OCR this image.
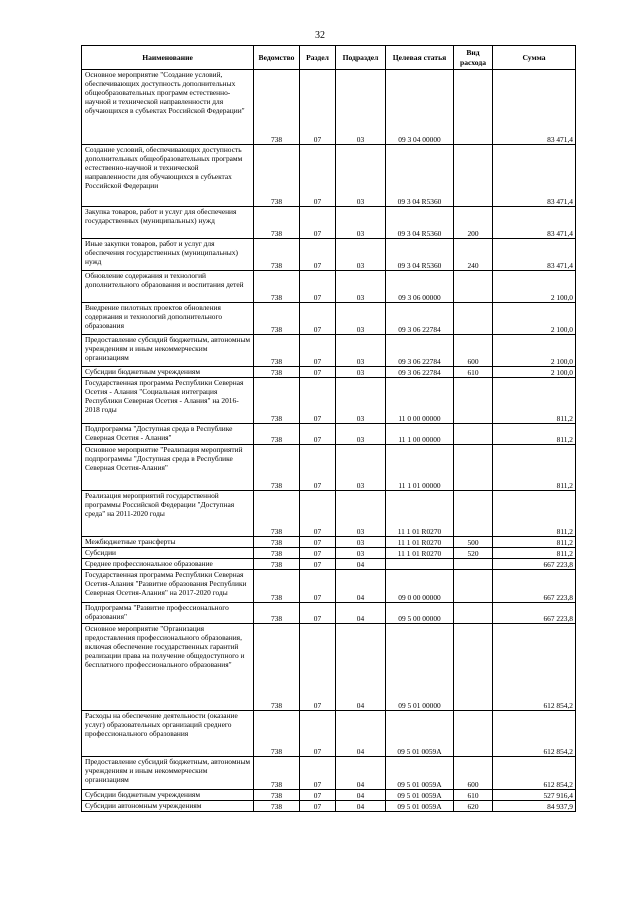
32
Наименование	Ведомство	Раздел	Подраздел	Целевая статья	Вид расхода	Сумма
Основное мероприятие "Создание условий, обеспечивающих доступность дополнительных общеобразовательных программ естественно-научной и технической направленности для обучающихся в субъектах Российской Федерации"	738	07	03	09 3 04 00000		83 471,4
Создание условий, обеспечивающих доступность дополнительных общеобразовательных программ естественно-научной и технической направленности для обучающихся в субъектах Российской Федерации	738	07	03	09 3 04 R5360		83 471,4
Закупка товаров, работ и услуг для обеспечения государственных (муниципальных) нужд	738	07	03	09 3 04 R5360	200	83 471,4
Иные закупки товаров, работ и услуг для обеспечения государственных (муниципальных) нужд	738	07	03	09 3 04 R5360	240	83 471,4
Обновление содержания и технологий дополнительного образования и воспитания детей	738	07	03	09 3 06 00000		2 100,0
Внедрение пилотных проектов обновления содержания и технологий дополнительного образования	738	07	03	09 3 06 22784		2 100,0
Предоставление субсидий бюджетным, автономным учреждениям и иным некоммерческим организациям	738	07	03	09 3 06 22784	600	2 100,0
Субсидии бюджетным учреждениям	738	07	03	09 3 06 22784	610	2 100,0
Государственная программа Республики Северная Осетия - Алания "Социальная интеграция Республики Северная Осетия - Алания" на 2016-2018 годы	738	07	03	11 0 00 00000		811,2
Подпрограмма "Доступная среда в Республике Северная Осетия - Алания"	738	07	03	11 1 00 00000		811,2
Основное мероприятие "Реализация мероприятий подпрограммы "Доступная среда в Республике Северная Осетия-Алания"	738	07	03	11 1 01 00000		811,2
Реализация мероприятий государственной программы Российской Федерации "Доступная среда" на 2011-2020 годы	738	07	03	11 1 01 R0270		811,2
Межбюджетные трансферты	738	07	03	11 1 01 R0270	500	811,2
Субсидии	738	07	03	11 1 01 R0270	520	811,2
Среднее профессиональное образование	738	07	04			667 223,8
Государственная программа Республики Северная Осетия-Алания "Развитие образования Республики Северная Осетия-Алания" на 2017-2020 годы	738	07	04	09 0 00 00000		667 223,8
Подпрограмма "Развитие профессионального образования"	738	07	04	09 5 00 00000		667 223,8
Основное мероприятие "Организация предоставления профессионального образования, включая обеспечение государственных гарантий реализации права на получение общедоступного и бесплатного профессионального образования"	738	07	04	09 5 01 00000		612 854,2
Расходы на обеспечение деятельности (оказание услуг) образовательных организаций среднего профессионального образования	738	07	04	09 5 01 0059A		612 854,2
Предоставление субсидий бюджетным, автономным учреждениям и иным некоммерческим организациям	738	07	04	09 5 01 0059A	600	612 854,2
Субсидии бюджетным учреждениям	738	07	04	09 5 01 0059A	610	527 916,4
Субсидии автономным учреждениям	738	07	04	09 5 01 0059A	620	84 937,9
